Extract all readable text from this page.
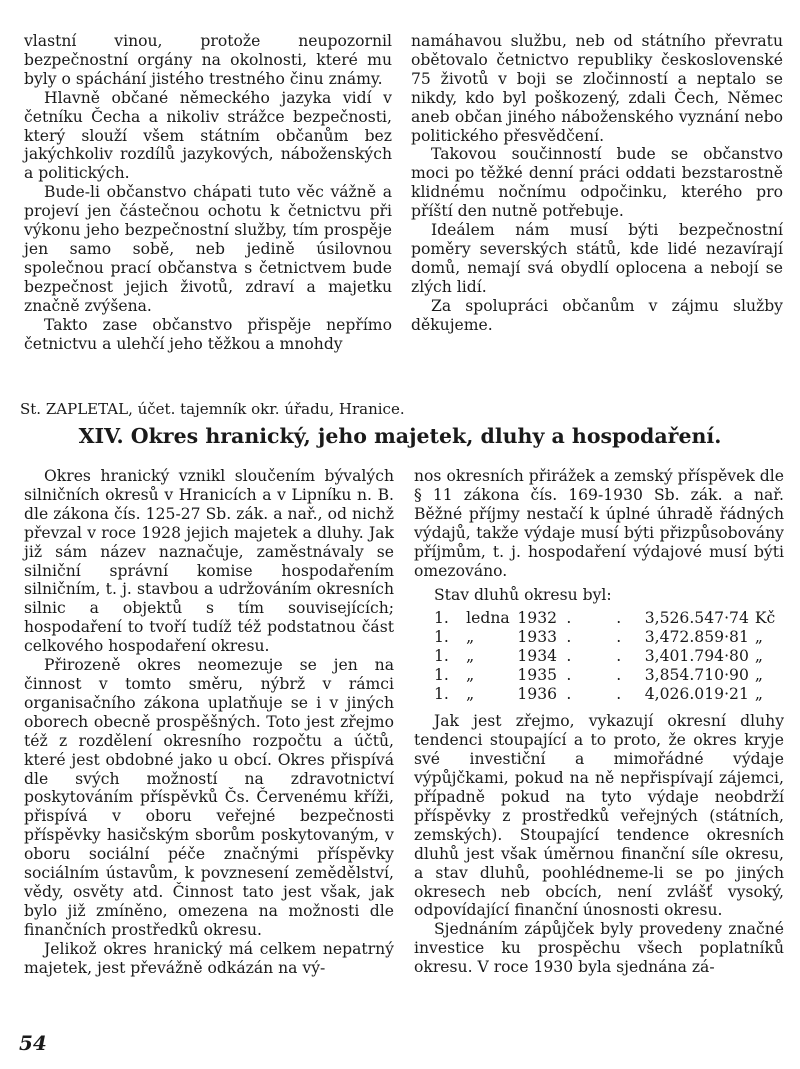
vlastní vinou, protože neupozornil bezpečnostní orgány na okolnosti, které mu byly o spáchání jistého trestného činu známy.

Hlavně občané německého jazyka vidí v četníku Čecha a nikoliv strážce bezpečnosti, který slouží všem státním občanům bez jakýchkoliv rozdílů jazykových, náboženských a politických.

Bude-li občanstvo chápati tuto věc vážně a projeví jen částečnou ochotu k četnictvu při výkonu jeho bezpečnostní služby, tím prospěje jen samo sobě, neb jedině úsilovnou společnou prací občanstva s četnictvem bude bezpečnost jejich životů, zdraví a majetku značně zvýšena.

Takto zase občanstvo přispěje nepřímo četnictvu a ulehčí jeho těžkou a mnohdy

namáhavou službu, neb od státního převratu obětovalo četnictvo republiky československé 75 životů v boji se zločinností a neptalo se nikdy, kdo byl poškozený, zdali Čech, Němec aneb občan jiného náboženského vyznání nebo politického přesvědčení.

Takovou součinností bude se občanstvo moci po těžké denní práci oddati bezstarostně klidnému nočnímu odpočinku, kterého pro příští den nutně potřebuje.

Ideálem nám musí býti bezpečnostní poměry severských států, kde lidé nezavírají domů, nemají svá obydlí oplocena a nebojí se zlých lidí.

Za spolupráci občanům v zájmu služby děkujeme.

St. ZAPLETAL, účet. tajemník okr. úřadu, Hranice.
XIV. Okres hranický, jeho majetek, dluhy a hospodaření.

Okres hranický vznikl sloučením bývalých silničních okresů v Hranicích a v Lipníku n. B. dle zákona čís. 125-27 Sb. zák. a nař., od nichž převzal v roce 1928 jejich majetek a dluhy. Jak již sám název naznačuje, zaměstnávaly se silniční správní komise hospodařením silničním, t. j. stavbou a udržováním okresních silnic a objektů s tím souvisejících; hospodaření to tvoří tudíž též podstatnou část celkového hospodaření okresu.

Přirozeně okres neomezuje se jen na činnost v tomto směru, nýbrž v rámci organisačního zákona uplatňuje se i v jiných oborech obecně prospěšných. Toto jest zřejmo též z rozdělení okresního rozpočtu a účtů, které jest obdobné jako u obcí. Okres přispívá dle svých možností na zdravotnictví poskytováním příspěvků Čs. Červenému kříži, přispívá v oboru veřejné bezpečnosti příspěvky hasičským sborům poskytovaným, v oboru sociální péče značnými příspěvky sociálním ústavům, k povznesení zemědělství, vědy, osvěty atd. Činnost tato jest však, jak bylo již zmíněno, omezena na možnosti dle finančních prostředků okresu.

Jelikož okres hranický má celkem nepatrný majetek, jest převážně odkázán na vý-

nos okresních přirážek a zemský příspěvek dle § 11 zákona čís. 169-1930 Sb. zák. a nař. Běžné příjmy nestačí k úplné úhradě řádných výdajů, takže výdaje musí býti přizpůsobovány příjmům, t. j. hospodaření výdajové musí býti omezováno.

Stav dluhů okresu byl:

1.	ledna	1932	. .	3,526.547·74	Kč
1.	„	1933	. .	3,472.859·81	„
1.	„	1934	. .	3,401.794·80	„
1.	„	1935	. .	3,854.710·90	„
1.	„	1936	. .	4,026.019·21	„

Jak jest zřejmo, vykazují okresní dluhy tendenci stoupající a to proto, že okres kryje své investiční a mimořádné výdaje výpůjčkami, pokud na ně nepřispívají zájemci, případně pokud na tyto výdaje neobdrží příspěvky z prostředků veřejných (státních, zemských). Stoupající tendence okresních dluhů jest však úměrnou finanční síle okresu, a stav dluhů, poohlédneme-li se po jiných okresech neb obcích, není zvlášť vysoký, odpovídající finanční únosnosti okresu.

Sjednáním zápůjček byly provedeny značné investice ku prospěchu všech poplatníků okresu. V roce 1930 byla sjednána zá-

54
